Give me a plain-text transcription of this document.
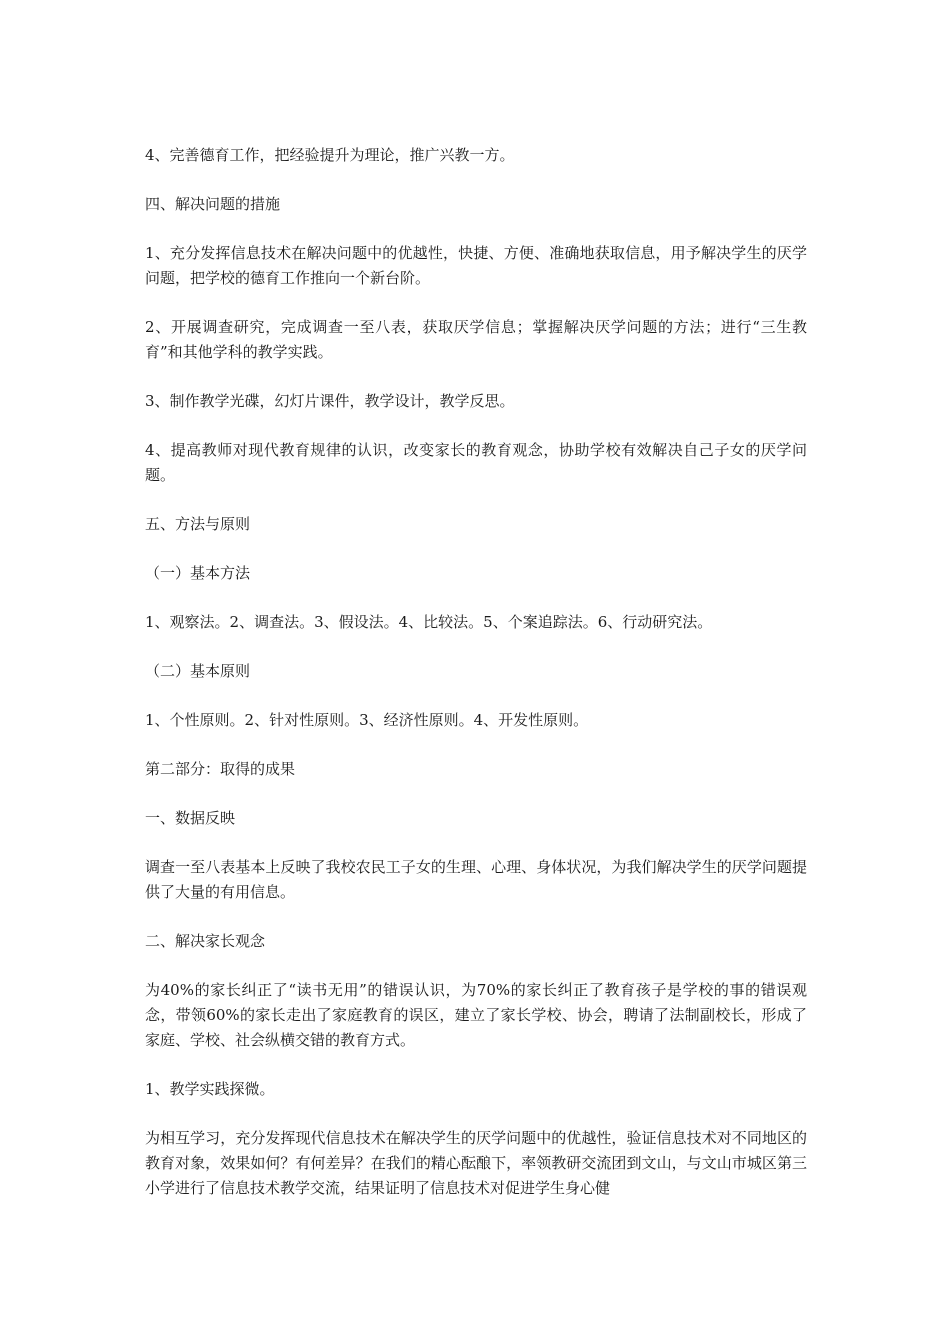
4、完善德育工作，把经验提升为理论，推广兴教一方。

四、解决问题的措施

1、充分发挥信息技术在解决问题中的优越性，快捷、方便、准确地获取信息，用予解决学生的厌学问题，把学校的德育工作推向一个新台阶。

2、开展调查研究，完成调查一至八表，获取厌学信息；掌握解决厌学问题的方法；进行“三生教育”和其他学科的教学实践。

3、制作教学光碟，幻灯片课件，教学设计，教学反思。

4、提高教师对现代教育规律的认识，改变家长的教育观念，协助学校有效解决自己子女的厌学问题。

五、方法与原则

（一）基本方法

1、观察法。2、调查法。3、假设法。4、比较法。5、个案追踪法。6、行动研究法。

（二）基本原则

1、个性原则。2、针对性原则。3、经济性原则。4、开发性原则。

第二部分：取得的成果

一、数据反映

调查一至八表基本上反映了我校农民工子女的生理、心理、身体状况，为我们解决学生的厌学问题提供了大量的有用信息。

二、解决家长观念

为40%的家长纠正了“读书无用”的错误认识，为70%的家长纠正了教育孩子是学校的事的错误观念，带领60%的家长走出了家庭教育的误区，建立了家长学校、协会，聘请了法制副校长，形成了家庭、学校、社会纵横交错的教育方式。

1、教学实践探微。

为相互学习，充分发挥现代信息技术在解决学生的厌学问题中的优越性，验证信息技术对不同地区的教育对象，效果如何？有何差异？在我们的精心酝酿下，率领教研交流团到文山，与文山市城区第三小学进行了信息技术教学交流，结果证明了信息技术对促进学生身心健
